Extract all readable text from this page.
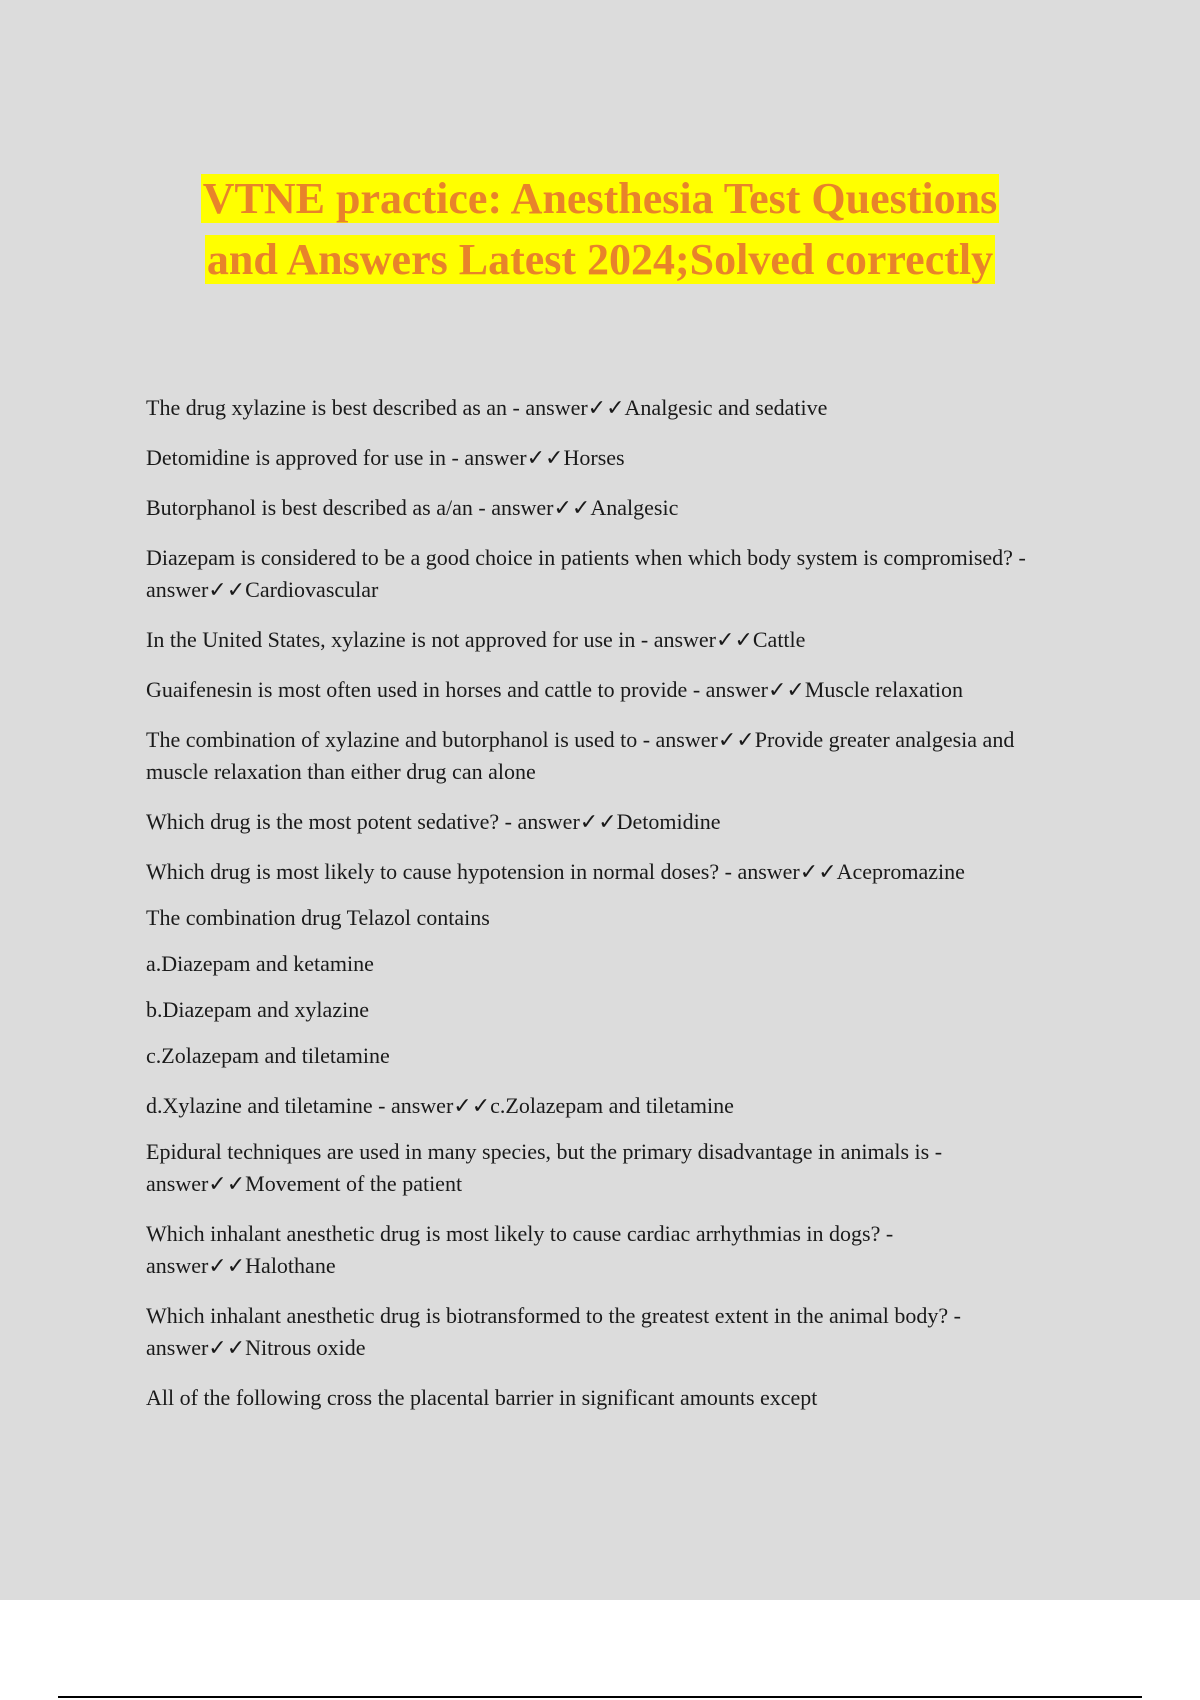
VTNE practice: Anesthesia Test Questions
and Answers Latest 2024;Solved correctly
The drug xylazine is best described as an - answer✓✓Analgesic and sedative
Detomidine is approved for use in - answer✓✓Horses
Butorphanol is best described as a/an - answer✓✓Analgesic
Diazepam is considered to be a good choice in patients when which body system is compromised? - answer✓✓Cardiovascular
In the United States, xylazine is not approved for use in - answer✓✓Cattle
Guaifenesin is most often used in horses and cattle to provide - answer✓✓Muscle relaxation
The combination of xylazine and butorphanol is used to - answer✓✓Provide greater analgesia and muscle relaxation than either drug can alone
Which drug is the most potent sedative? - answer✓✓Detomidine
Which drug is most likely to cause hypotension in normal doses? - answer✓✓Acepromazine
The combination drug Telazol contains
a.Diazepam and ketamine
b.Diazepam and xylazine
c.Zolazepam and tiletamine
d.Xylazine and tiletamine - answer✓✓c.Zolazepam and tiletamine
Epidural techniques are used in many species, but the primary disadvantage in animals is - answer✓✓Movement of the patient
Which inhalant anesthetic drug is most likely to cause cardiac arrhythmias in dogs? - answer✓✓Halothane
Which inhalant anesthetic drug is biotransformed to the greatest extent in the animal body? - answer✓✓Nitrous oxide
All of the following cross the placental barrier in significant amounts except
